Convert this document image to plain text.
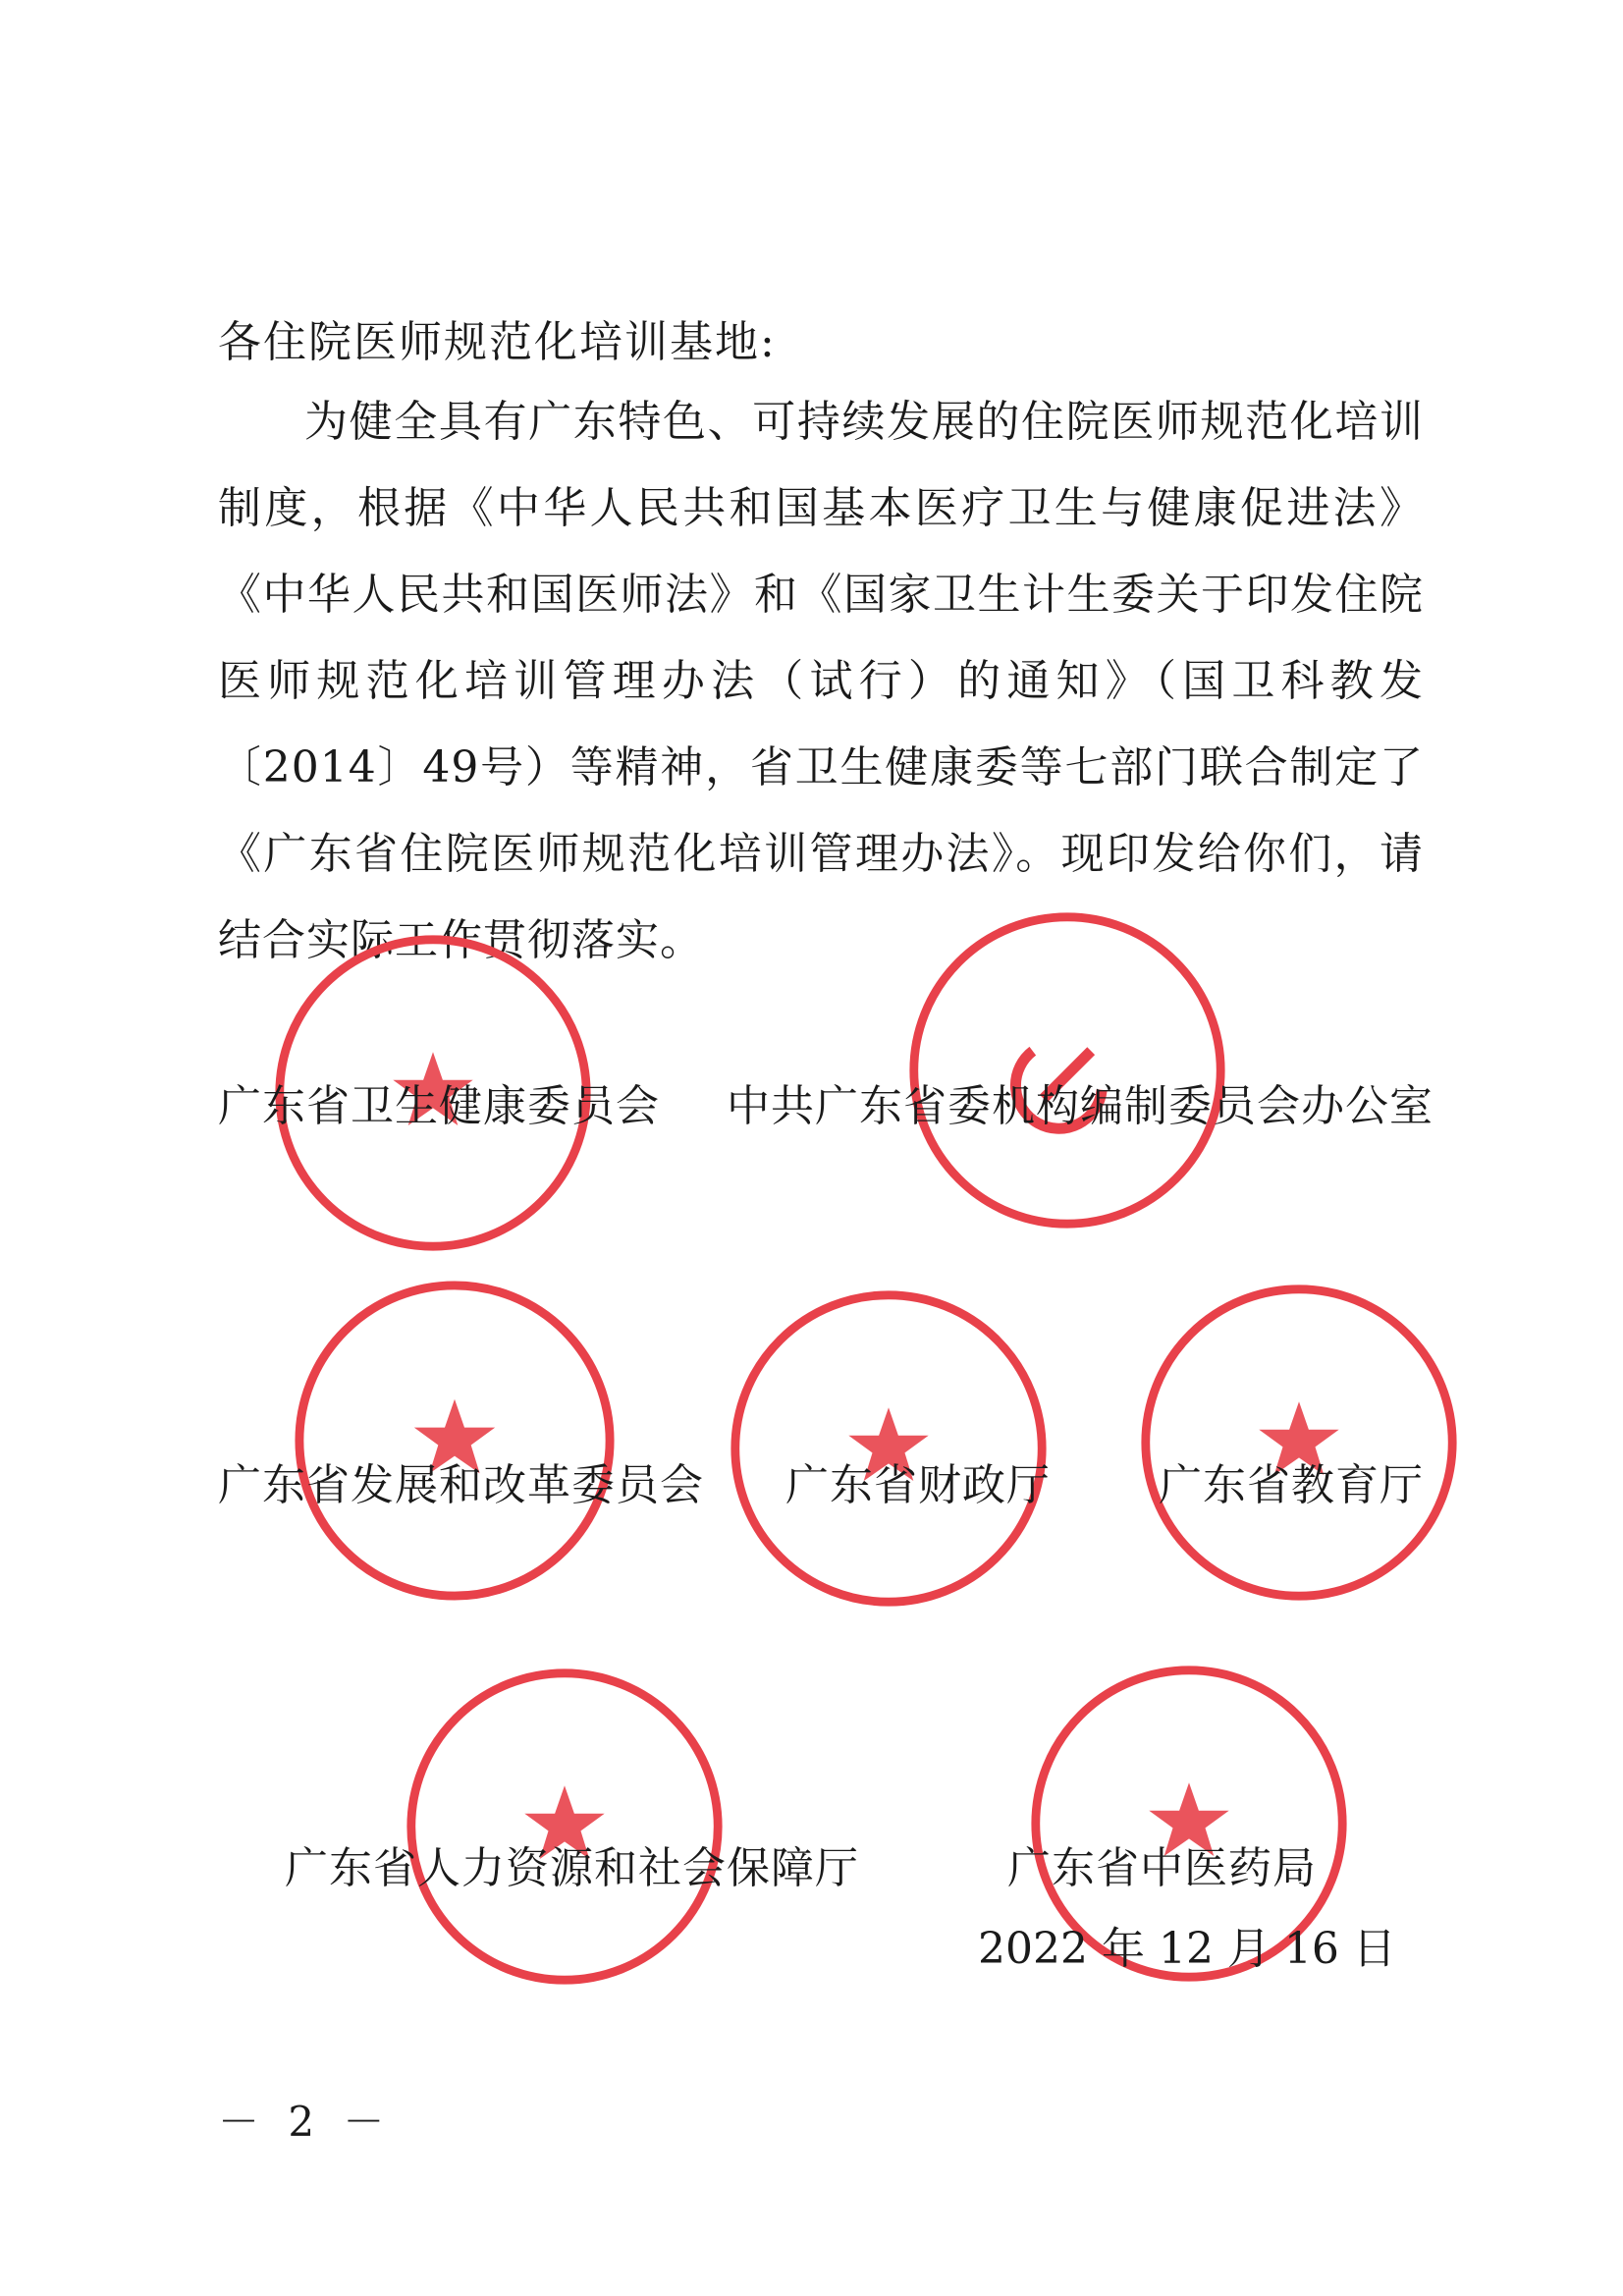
各住院医师规范化培训基地:
为健全具有广东特色、可持续发展的住院医师规范化培训制度，根据《中华人民共和国基本医疗卫生与健康促进法》《中华人民共和国医师法》和《国家卫生计生委关于印发住院医师规范化培训管理办法（试行）的通知》（国卫科教发〔2014〕49号）等精神，省卫生健康委等七部门联合制定了《广东省住院医师规范化培训管理办法》。现印发给你们，请结合实际工作贯彻落实。
广东省卫生健康委员会 中共广东省委机构编制委员会办公室
广东省发展和改革委员会 广东省财政厅	广东省教育厅
广东省人力资源和社会保障厅	广东省中医药局
2022 年 12 月 16 日
－ 2 －
